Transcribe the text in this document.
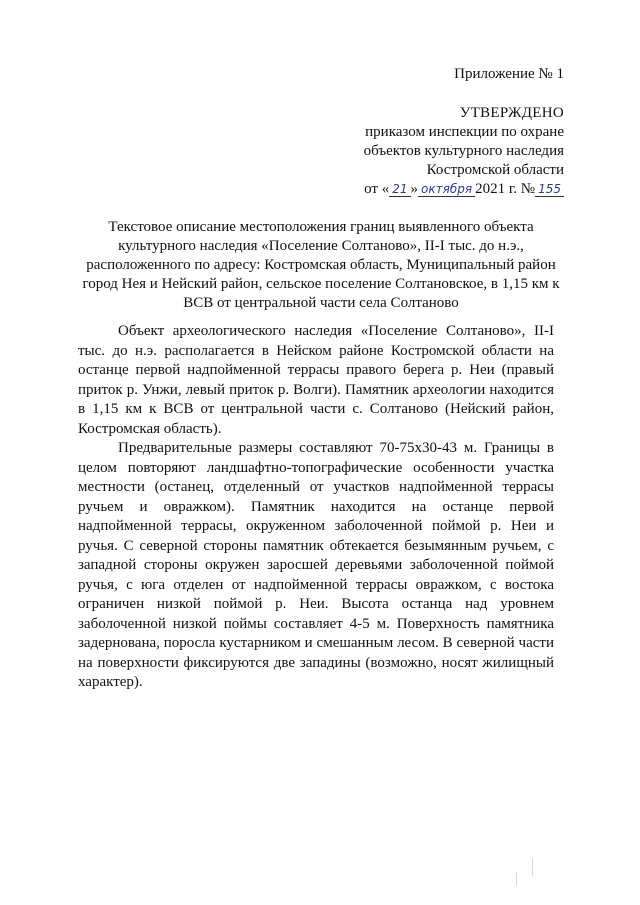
Приложение № 1
УТВЕРЖДЕНО
приказом инспекции по охране
объектов культурного наследия
Костромской области
от « 21 » октября 2021 г. № 155
Текстовое описание местоположения границ выявленного объекта
культурного наследия «Поселение Солтаново», II-I тыс. до н.э.,
расположенного по адресу: Костромская область, Муниципальный район
город Нея и Нейский район, сельское поселение Солтановское, в 1,15 км к
ВСВ от центральной части села Солтаново

Объект археологического наследия «Поселение Солтаново», II-I тыс. до н.э. располагается в Нейском районе Костромской области на останце первой надпойменной террасы правого берега р. Неи (правый приток р. Унжи, левый приток р. Волги). Памятник археологии находится в 1,15 км к ВСВ от центральной части с. Солтаново (Нейский район, Костромская область).

Предварительные размеры составляют 70-75х30-43 м. Границы в целом повторяют ландшафтно-топографические особенности участка местности (останец, отделенный от участков надпойменной террасы ручьем и овражком). Памятник находится на останце первой надпойменной террасы, окруженном заболоченной поймой р. Неи и ручья. С северной стороны памятник обтекается безымянным ручьем, с западной стороны окружен заросшей деревьями заболоченной поймой ручья, с юга отделен от надпойменной террасы овражком, с востока ограничен низкой поймой р. Неи. Высота останца над уровнем заболоченной низкой поймы составляет 4-5 м. Поверхность памятника задернована, поросла кустарником и смешанным лесом. В северной части на поверхности фиксируются две западины (возможно, носят жилищный характер).
